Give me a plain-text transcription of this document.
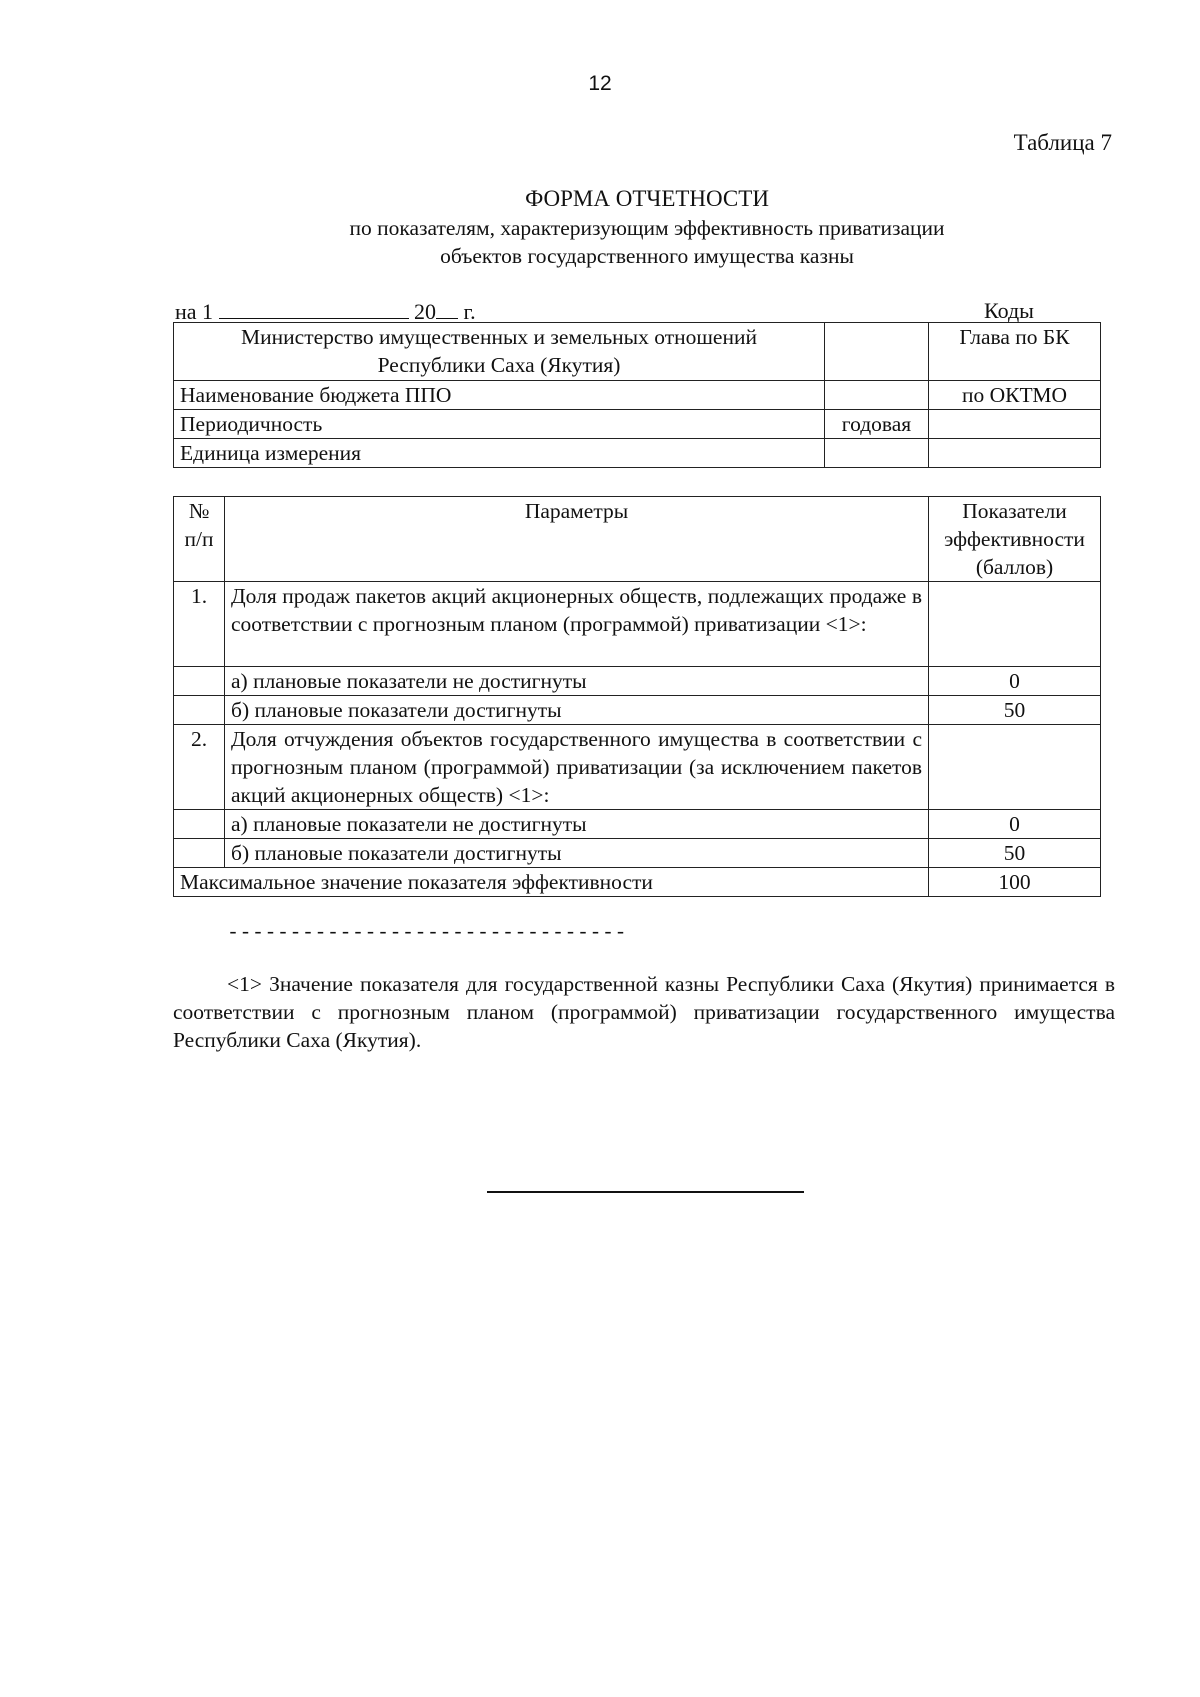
12
Таблица 7
ФОРМА ОТЧЕТНОСТИ
по показателям, характеризующим эффективность приватизации
объектов государственного имущества казны
на 1	20 г.	Коды
Министерство имущественных и земельных отношений
Республики Саха (Якутия)		Глава по БК
Наименование бюджета ППО		по ОКТМО
Периодичность	годовая	
Единица измерения		
№ п/п	Параметры	Показатели эффективности (баллов)
1.	Доля продаж пакетов акций акционерных обществ, подлежащих продаже в соответствии с прогнозным планом (программой) приватизации <1>:	
	а) плановые показатели не достигнуты	0
	б) плановые показатели достигнуты	50
2.	Доля отчуждения объектов государственного имущества в соответствии с прогнозным планом (программой) приватизации (за исключением пакетов акций акционерных обществ) <1>:	
	а) плановые показатели не достигнуты	0
	б) плановые показатели достигнуты	50
Максимальное значение показателя эффективности		100
--------------------------------
<1> Значение показателя для государственной казны Республики Саха (Якутия) принимается в соответствии с прогнозным планом (программой) приватизации государственного имущества Республики Саха (Якутия).
